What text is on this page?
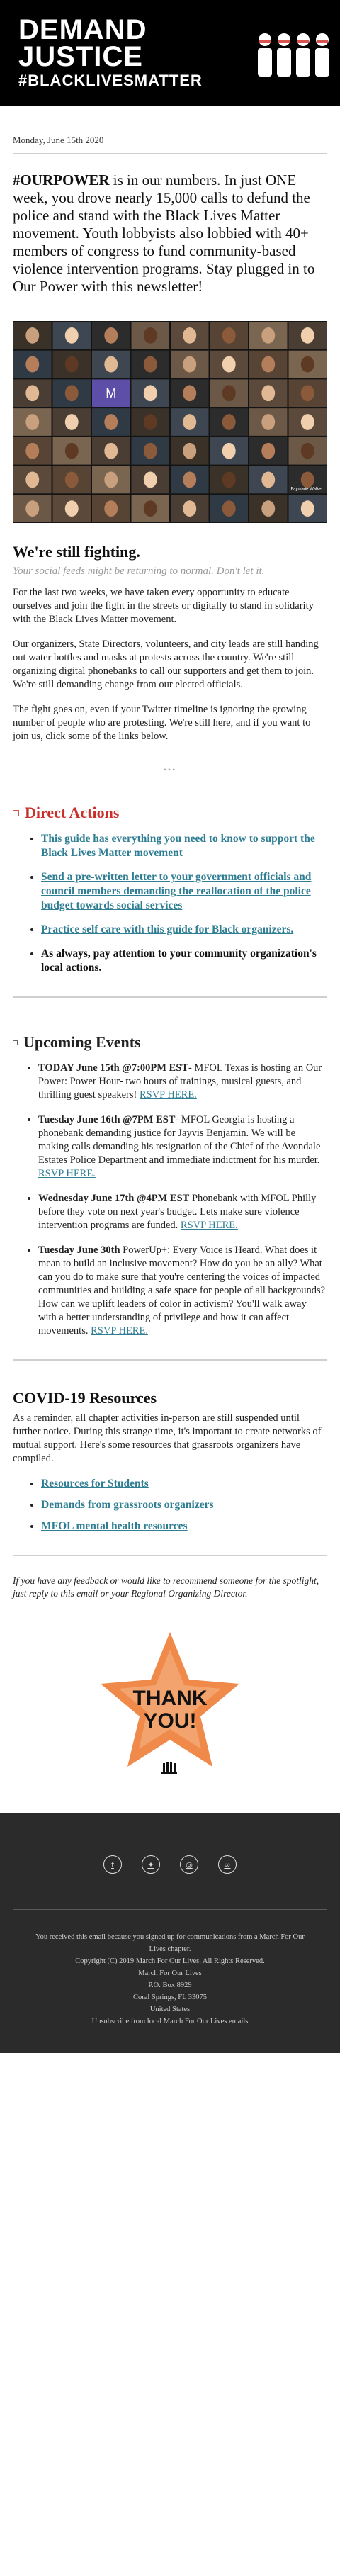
DEMAND
JUSTICE
#BLACKLIVESMATTER
Monday, June 15th 2020

#OURPOWER is in our numbers. In just ONE week, you drove nearly 15,000 calls to defund the police and stand with the Black Lives Matter movement. Youth lobbyists also lobbied with 40+ members of congress to fund community-based violence intervention programs. Stay plugged in to Our Power with this newsletter!

M
Faymarie Walker
We're still fighting.
Your social feeds might be returning to normal. Don't let it.

For the last two weeks, we have taken every opportunity to educate ourselves and join the fight in the streets or digitally to stand in solidarity with the Black Lives Matter movement.

Our organizers, State Directors, volunteers, and city leads are still handing out water bottles and masks at protests across the country. We're still organizing digital phonebanks to call our supporters and get them to join. We're still demanding change from our elected officials.

The fight goes on, even if your Twitter timeline is ignoring the growing number of people who are protesting. We're still here, and if you want to join us, click some of the links below.

•••
Direct Actions
• This guide has everything you need to know to support the Black Lives Matter movement
• Send a pre-written letter to your government officials and council members demanding the reallocation of the police budget towards social services
• Practice self care with this guide for Black organizers.
• As always, pay attention to your community organization's local actions.
Upcoming Events
• TODAY June 15th @7:00PM EST- MFOL Texas is hosting an Our Power: Power Hour- two hours of trainings, musical guests, and thrilling guest speakers! RSVP HERE.
• Tuesday June 16th @7PM EST- MFOL Georgia is hosting a phonebank demanding justice for Jayvis Benjamin. We will be making calls demanding his resignation of the Chief of the Avondale Estates Police Department and immediate indictment for his murder. RSVP HERE.
• Wednesday June 17th @4PM EST Phonebank with MFOL Philly before they vote on next year's budget. Lets make sure violence intervention programs are funded. RSVP HERE.
• Tuesday June 30th PowerUp+: Every Voice is Heard. What does it mean to build an inclusive movement? How do you be an ally? What can you do to make sure that you're centering the voices of impacted communities and building a safe space for people of all backgrounds? How can we uplift leaders of color in activism? You'll walk away with a better understanding of privilege and how it can affect movements. RSVP HERE.
COVID-19 Resources

As a reminder, all chapter activities in-person are still suspended until further notice. During this strange time, it's important to create networks of mutual support. Here's some resources that grassroots organizers have compiled.

• Resources for Students
• Demands from grassroots organizers
• MFOL mental health resources

If you have any feedback or would like to recommend someone for the spotlight, just reply to this email or your Regional Organizing Director.

THANK
YOU!
f	✦	◎	∞
You received this email because you signed up for communications from a March For Our Lives chapter.
Copyright (C) 2019 March For Our Lives. All Rights Reserved.
March For Our Lives
P.O. Box 8929
Coral Springs, FL 33075
United States
Unsubscribe from local March For Our Lives emails
